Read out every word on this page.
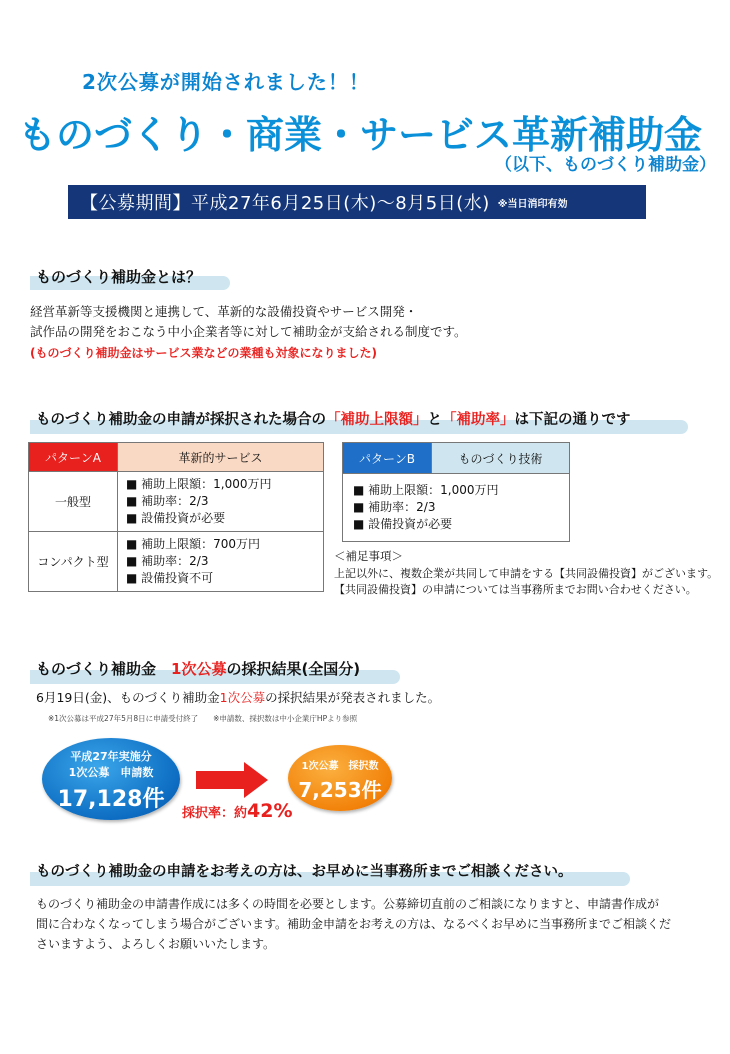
2次公募が開始されました！！
ものづくり・商業・サービス革新補助金
（以下、ものづくり補助金）
【公募期間】平成27年6月25日(木)〜8月5日(水) ※当日消印有効
ものづくり補助金とは？
経営革新等支援機関と連携して、革新的な設備投資やサービス開発・
試作品の開発をおこなう中小企業者等に対して補助金が支給される制度です。
(ものづくり補助金はサービス業などの業種も対象になりました)
ものづくり補助金の申請が採択された場合の「補助上限額」と「補助率」は下記の通りです
パターンA	革新的サービス
一般型	■ 補助上限額：1,000万円
■ 補助率：2/3
■ 設備投資が必要

コンパクト型	■ 補助上限額：700万円
■ 補助率：2/3
■ 設備投資不可
パターンB	ものづくり技術

■ 補助上限額：1,000万円
■ 補助率：2/3
■ 設備投資が必要
＜補足事項＞
上記以外に、複数企業が共同して申請をする【共同設備投資】がございます。
【共同設備投資】の申請については当事務所までお問い合わせください。
ものづくり補助金　1次公募の採択結果(全国分)
6月19日(金)、ものづくり補助金1次公募の採択結果が発表されました。
※1次公募は平成27年5月8日に申請受付終了　　※申請数、採択数は中小企業庁HPより参照
平成27年実施分
1次公募　申請数
17,128件
採択率：約42%
1次公募　採択数
7,253件
ものづくり補助金の申請をお考えの方は、お早めに当事務所までご相談ください。
ものづくり補助金の申請書作成には多くの時間を必要とします。公募締切直前のご相談になりますと、申請書作成が
間に合わなくなってしまう場合がございます。補助金申請をお考えの方は、なるべくお早めに当事務所までご相談くだ
さいますよう、よろしくお願いいたします。
